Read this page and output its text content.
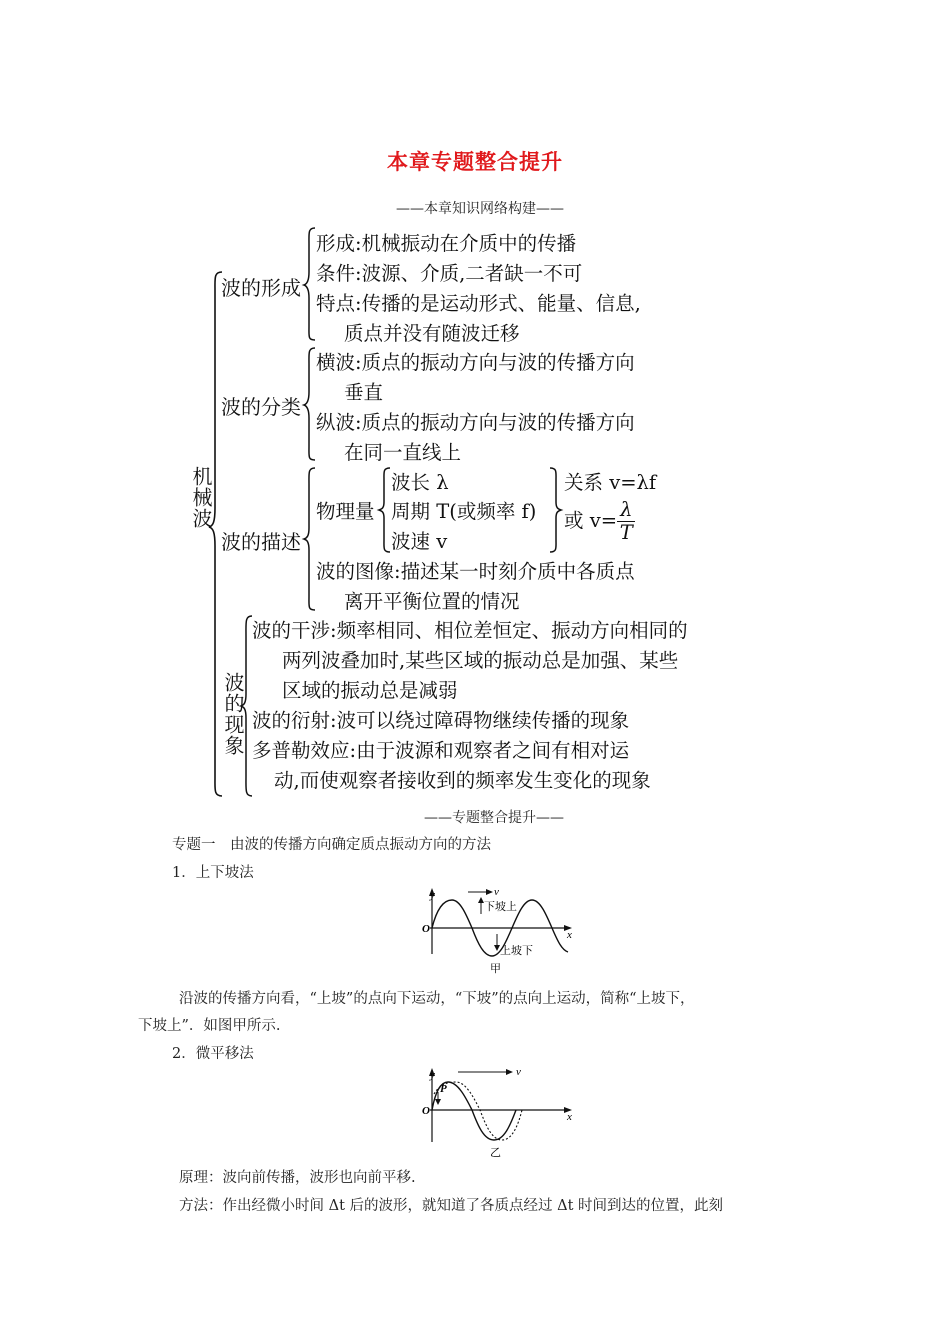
本章专题整合提升
——本章知识网络构建——
机械波
波的形成
形成:机械振动在介质中的传播
条件:波源、介质,二者缺一不可
特点:传播的是运动形式、能量、信息,
质点并没有随波迁移
波的分类
横波:质点的振动方向与波的传播方向
垂直
纵波:质点的振动方向与波的传播方向
在同一直线上
波的描述
物理量
波长 λ
周期 T(或频率 f)
波速 v
关系 v=λf
或 $v= \frac{\lambda}{T}$
波的图像:描述某一时刻介质中各质点
离开平衡位置的情况
波的现象
波的干涉:频率相同、相位差恒定、振动方向相同的
两列波叠加时,某些区域的振动总是加强、某些
区域的振动总是减弱
波的衍射:波可以绕过障碍物继续传播的现象
多普勒效应:由于波源和观察者之间有相对运
动,而使观察者接收到的频率发生变化的现象
——专题整合提升——
专题一　由波的传播方向确定质点振动方向的方法
1．上下坡法
y
O	x
v
下坡上
上坡下
甲
沿波的传播方向看，“上坡”的点向下运动，“下坡”的点向上运动，简称“上坡下，
下坡上”．如图甲所示.
2．微平移法
y
O	x
v
P
乙
原理：波向前传播，波形也向前平移.
方法：作出经微小时间 Δt 后的波形，就知道了各质点经过 Δt 时间到达的位置，此刻
